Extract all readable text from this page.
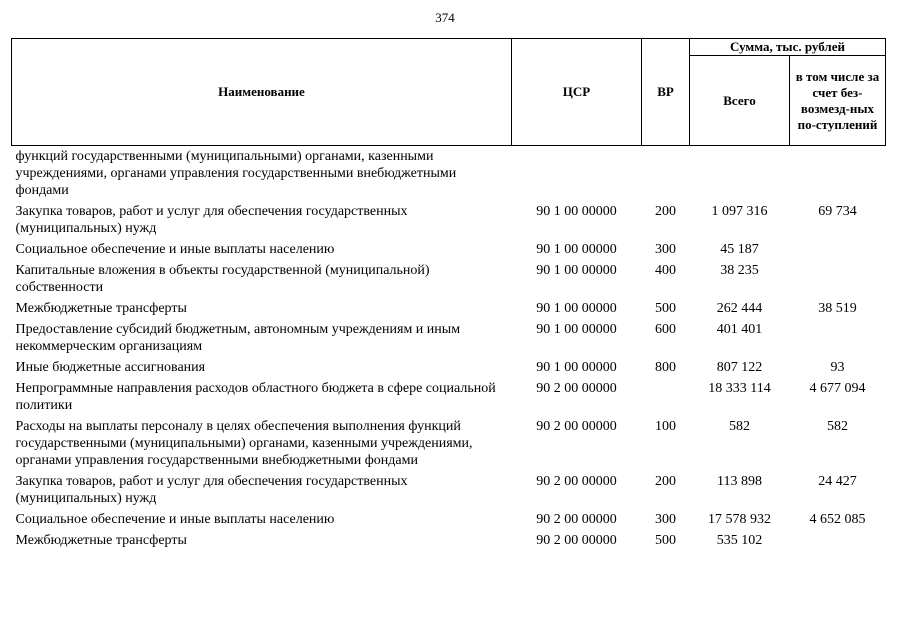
374
Наименование	ЦСР	ВР	Сумма, тыс. рублей	
			Всего	в том числе за счет без-возмезд-ных по-ступлений
функций государственными (муниципальными) органами, казенными учреждениями, органами управления государственными внебюджетными фондами				
Закупка товаров, работ и услуг для обеспечения государственных (муниципальных) нужд	90 1 00 00000	200	1 097 316	69 734
Социальное обеспечение и иные выплаты населению	90 1 00 00000	300	45 187	
Капитальные вложения в объекты государственной (муниципальной) собственности	90 1 00 00000	400	38 235	
Межбюджетные трансферты	90 1 00 00000	500	262 444	38 519
Предоставление субсидий бюджетным, автономным учреждениям и иным некоммерческим организациям	90 1 00 00000	600	401 401	
Иные бюджетные ассигнования	90 1 00 00000	800	807 122	93
Непрограммные направления расходов областного бюджета в сфере социальной политики	90 2 00 00000		18 333 114	4 677 094
Расходы на выплаты персоналу в целях обеспечения выполнения функций государственными (муниципальными) органами, казенными учреждениями, органами управления государственными внебюджетными фондами	90 2 00 00000	100	582	582
Закупка товаров, работ и услуг для обеспечения государственных (муниципальных) нужд	90 2 00 00000	200	113 898	24 427
Социальное обеспечение и иные выплаты населению	90 2 00 00000	300	17 578 932	4 652 085
Межбюджетные трансферты	90 2 00 00000	500	535 102	
